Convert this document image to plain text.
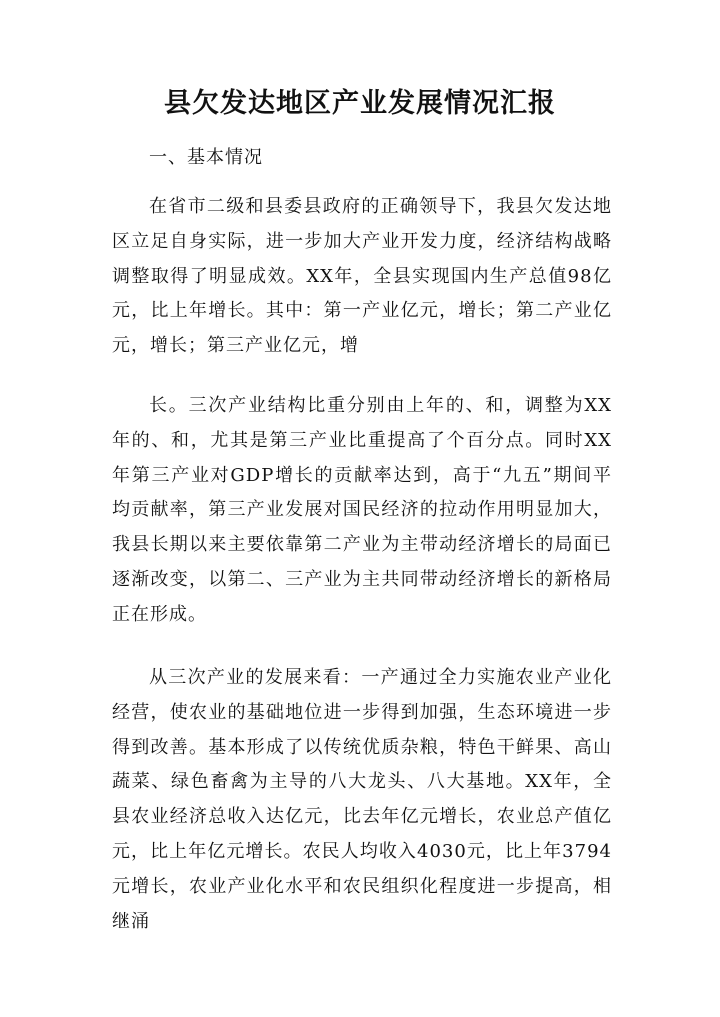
县欠发达地区产业发展情况汇报
一、基本情况

在省市二级和县委县政府的正确领导下，我县欠发达地区立足自身实际，进一步加大产业开发力度，经济结构战略调整取得了明显成效。XX年，全县实现国内生产总值98亿元，比上年增长。其中：第一产业亿元，增长；第二产业亿元，增长；第三产业亿元，增

长。三次产业结构比重分别由上年的、和，调整为XX年的、和，尤其是第三产业比重提高了个百分点。同时XX年第三产业对GDP增长的贡献率达到，高于“九五”期间平均贡献率，第三产业发展对国民经济的拉动作用明显加大，我县长期以来主要依靠第二产业为主带动经济增长的局面已逐渐改变，以第二、三产业为主共同带动经济增长的新格局正在形成。

从三次产业的发展来看：一产通过全力实施农业产业化经营，使农业的基础地位进一步得到加强，生态环境进一步得到改善。基本形成了以传统优质杂粮，特色干鲜果、高山蔬菜、绿色畜禽为主导的八大龙头、八大基地。XX年，全县农业经济总收入达亿元，比去年亿元增长，农业总产值亿元，比上年亿元增长。农民人均收入4030元，比上年3794元增长，农业产业化水平和农民组织化程度进一步提高，相继涌
